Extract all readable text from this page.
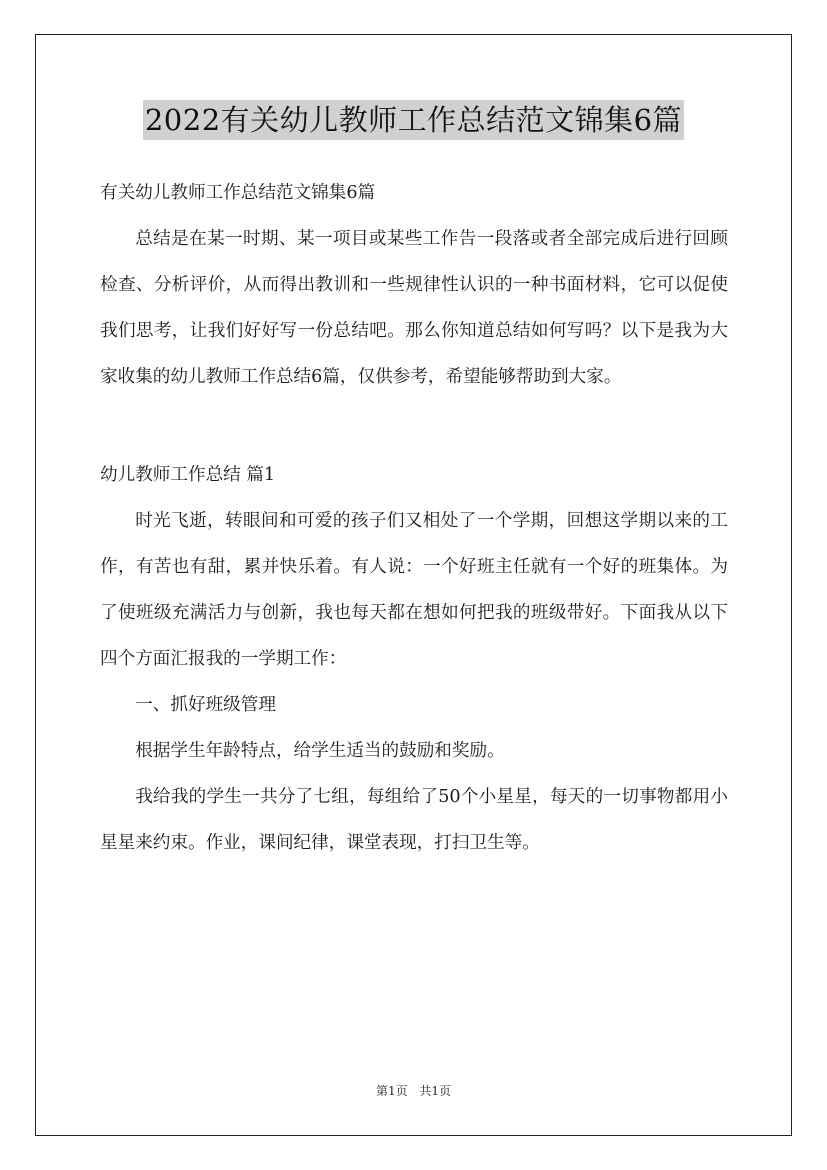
2022有关幼儿教师工作总结范文锦集6篇

有关幼儿教师工作总结范文锦集6篇

总结是在某一时期、某一项目或某些工作告一段落或者全部完成后进行回顾检查、分析评价，从而得出教训和一些规律性认识的一种书面材料，它可以促使我们思考，让我们好好写一份总结吧。那么你知道总结如何写吗？以下是我为大家收集的幼儿教师工作总结6篇，仅供参考，希望能够帮助到大家。

幼儿教师工作总结 篇1

时光飞逝，转眼间和可爱的孩子们又相处了一个学期，回想这学期以来的工作，有苦也有甜，累并快乐着。有人说：一个好班主任就有一个好的班集体。为了使班级充满活力与创新，我也每天都在想如何把我的班级带好。下面我从以下四个方面汇报我的一学期工作：

一、抓好班级管理

根据学生年龄特点，给学生适当的鼓励和奖励。

我给我的学生一共分了七组，每组给了50个小星星，每天的一切事物都用小星星来约束。作业，课间纪律，课堂表现，打扫卫生等。

第1页 共1页
